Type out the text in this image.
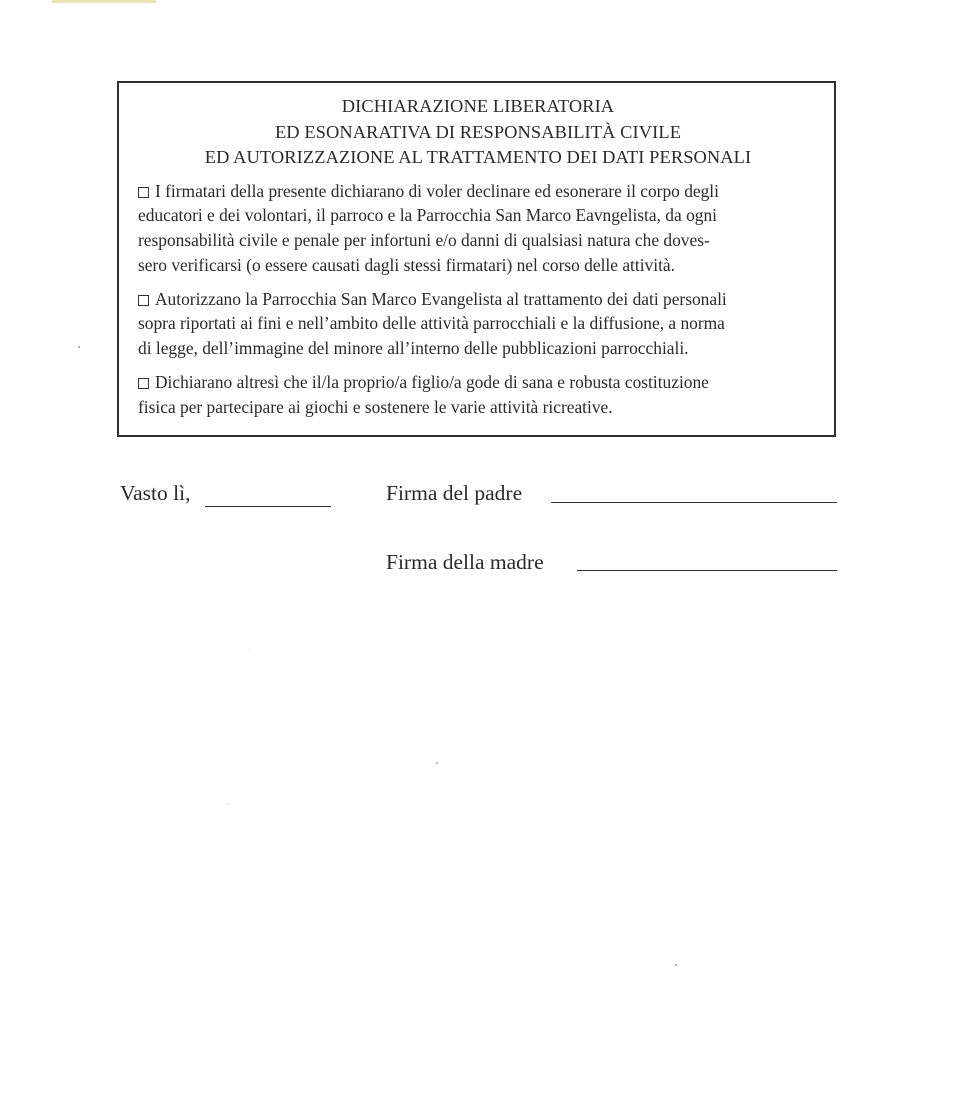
DICHIARAZIONE LIBERATORIA
ED ESONARATIVA DI RESPONSABILITÀ CIVILE
ED AUTORIZZAZIONE AL TRATTAMENTO DEI DATI PERSONALI
I firmatari della presente dichiarano di voler declinare ed esonerare il corpo degli
educatori e dei volontari, il parroco e la Parrocchia San Marco Eavngelista, da ogni
responsabilità civile e penale per infortuni e/o danni di qualsiasi natura che doves-
sero verificarsi (o essere causati dagli stessi firmatari) nel corso delle attività.
Autorizzano la Parrocchia San Marco Evangelista al trattamento dei dati personali
sopra riportati ai fini e nell’ambito delle attività parrocchiali e la diffusione, a norma
di legge, dell’immagine del minore all’interno delle pubblicazioni parrocchiali.
Dichiarano altresì che il/la proprio/a figlio/a gode di sana e robusta costituzione
fisica per partecipare ai giochi e sostenere le varie attività ricreative.
Vasto lì,	Firma del padre
Firma della madre
